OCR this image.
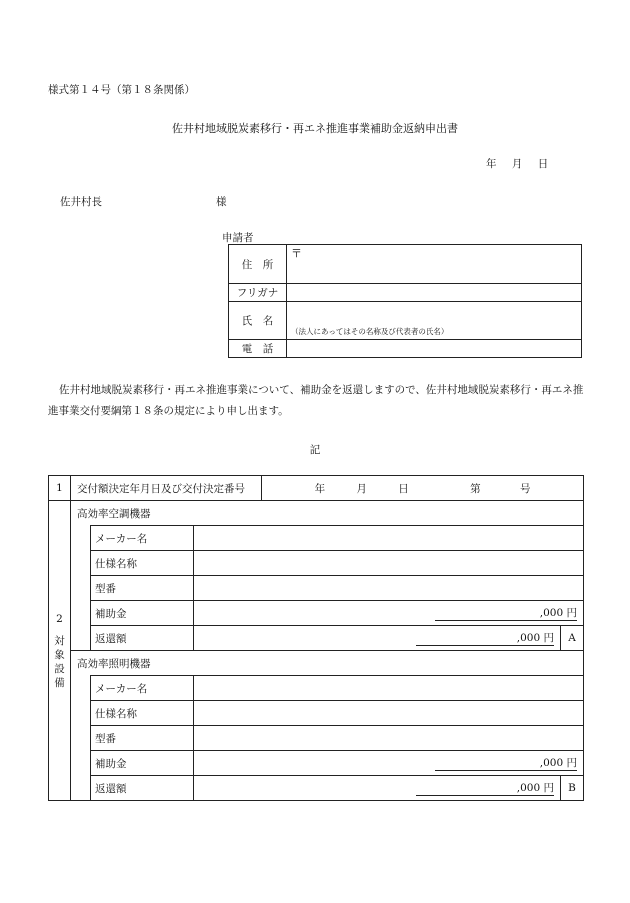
様式第１４号（第１８条関係）
佐井村地域脱炭素移行・再エネ推進事業補助金返納申出書
年 月 日
佐井村長	様
申請者
住　所	〒
フリガナ	
氏　名	（法人にあってはその名称及び代表者の氏名）

電　話	
佐井村地域脱炭素移行・再エネ推進事業について、補助金を返還しますので、佐井村地域脱炭素移行・再エネ推進事業交付要綱第１８条の規定により申し出ます。
記
1	交付額決定年月日及び交付決定番号			年 月 日 第 号	

2
対
象
設
備	高効率空調機器				
		メーカー名			
		仕様名称			
		型番			
		補助金	,000 円		
		返還額	,000 円		A
	高効率照明機器				
		メーカー名			
		仕様名称			
		型番			
		補助金	,000 円		
		返還額	,000 円		B
